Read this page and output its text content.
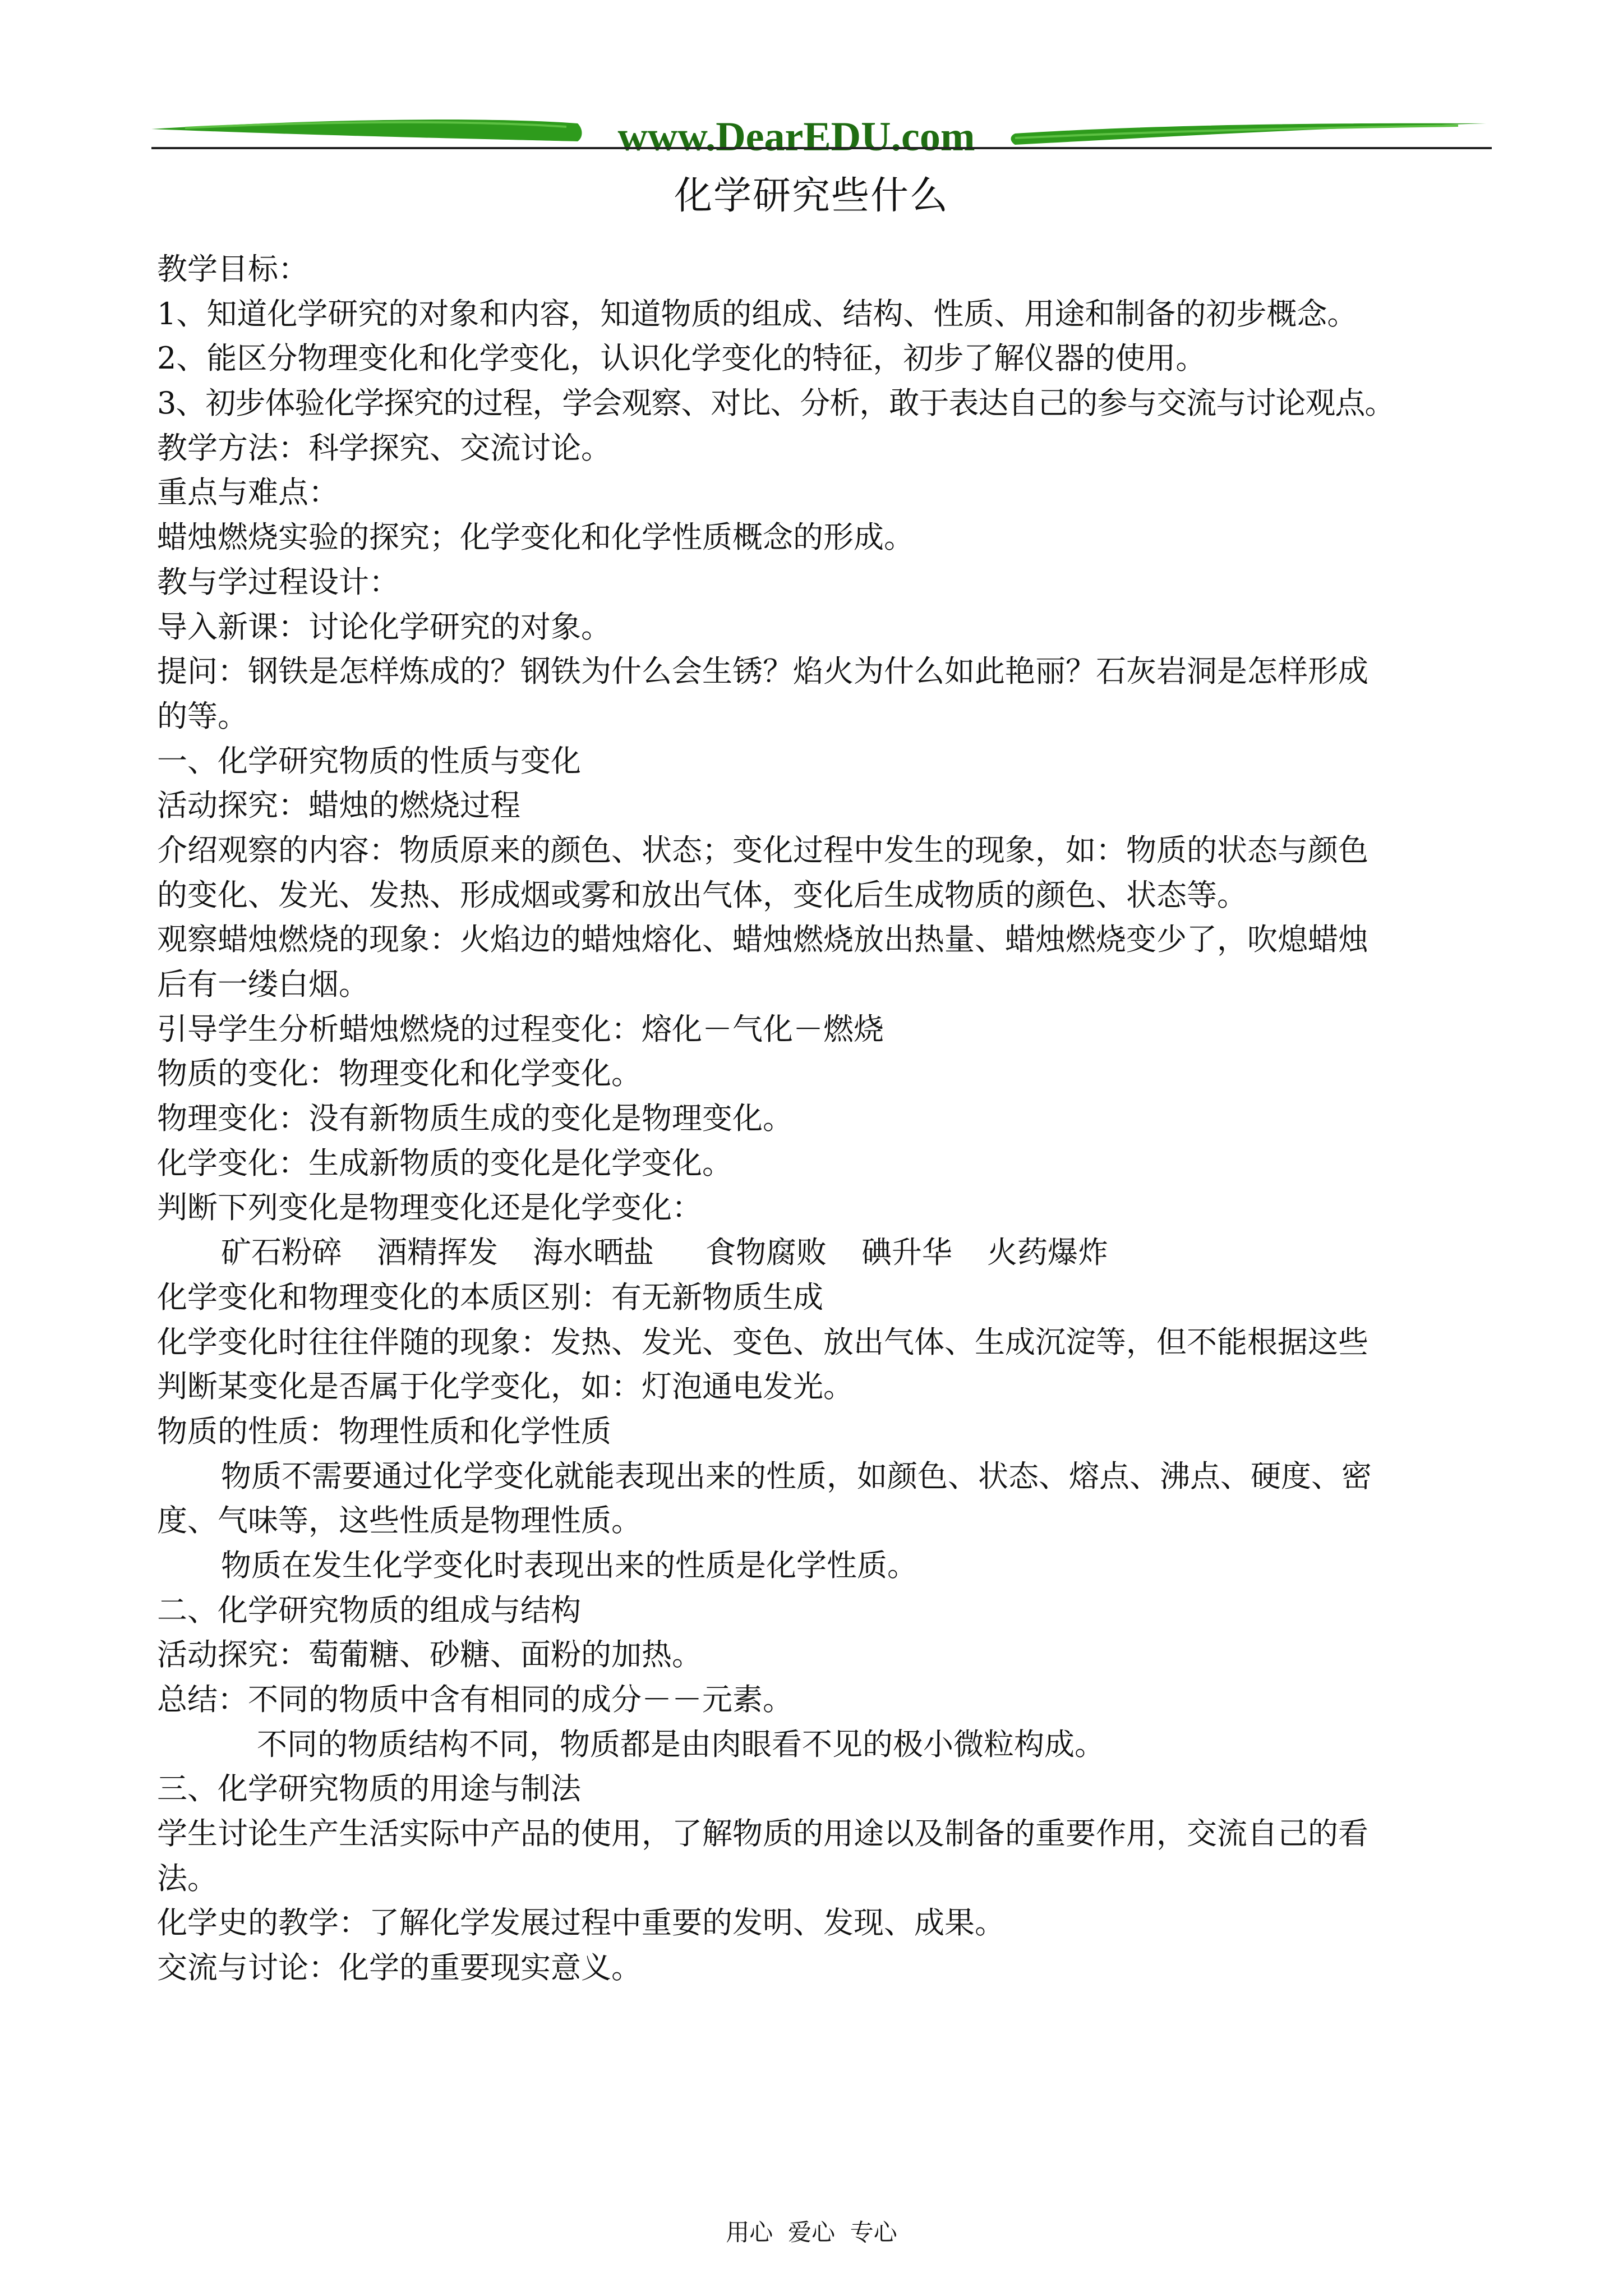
www.DearEDU.com
化学研究些什么
教学目标：
1、知道化学研究的对象和内容，知道物质的组成、结构、性质、用途和制备的初步概念。
2、能区分物理变化和化学变化，认识化学变化的特征，初步了解仪器的使用。
3、初步体验化学探究的过程，学会观察、对比、分析，敢于表达自己的参与交流与讨论观点。
教学方法：科学探究、交流讨论。
重点与难点：
蜡烛燃烧实验的探究；化学变化和化学性质概念的形成。
教与学过程设计：
导入新课：讨论化学研究的对象。
提问：钢铁是怎样炼成的？钢铁为什么会生锈？焰火为什么如此艳丽？石灰岩洞是怎样形成
的等。
一、化学研究物质的性质与变化
活动探究：蜡烛的燃烧过程
介绍观察的内容：物质原来的颜色、状态；变化过程中发生的现象，如：物质的状态与颜色
的变化、发光、发热、形成烟或雾和放出气体，变化后生成物质的颜色、状态等。
观察蜡烛燃烧的现象：火焰边的蜡烛熔化、蜡烛燃烧放出热量、蜡烛燃烧变少了，吹熄蜡烛
后有一缕白烟。
引导学生分析蜡烛燃烧的过程变化：熔化－气化－燃烧
物质的变化：物理变化和化学变化。
物理变化：没有新物质生成的变化是物理变化。
化学变化：生成新物质的变化是化学变化。
判断下列变化是物理变化还是化学变化：
矿石粉碎 酒精挥发 海水晒盐 食物腐败 碘升华 火药爆炸
化学变化和物理变化的本质区别：有无新物质生成
化学变化时往往伴随的现象：发热、发光、变色、放出气体、生成沉淀等，但不能根据这些
判断某变化是否属于化学变化，如：灯泡通电发光。
物质的性质：物理性质和化学性质
物质不需要通过化学变化就能表现出来的性质，如颜色、状态、熔点、沸点、硬度、密
度、气味等，这些性质是物理性质。
物质在发生化学变化时表现出来的性质是化学性质。
二、化学研究物质的组成与结构
活动探究：萄葡糖、砂糖、面粉的加热。
总结：不同的物质中含有相同的成分－－元素。
不同的物质结构不同，物质都是由肉眼看不见的极小微粒构成。
三、化学研究物质的用途与制法
学生讨论生产生活实际中产品的使用，了解物质的用途以及制备的重要作用，交流自己的看
法。
化学史的教学：了解化学发展过程中重要的发明、发现、成果。
交流与讨论：化学的重要现实意义。
用心  爱心  专心
